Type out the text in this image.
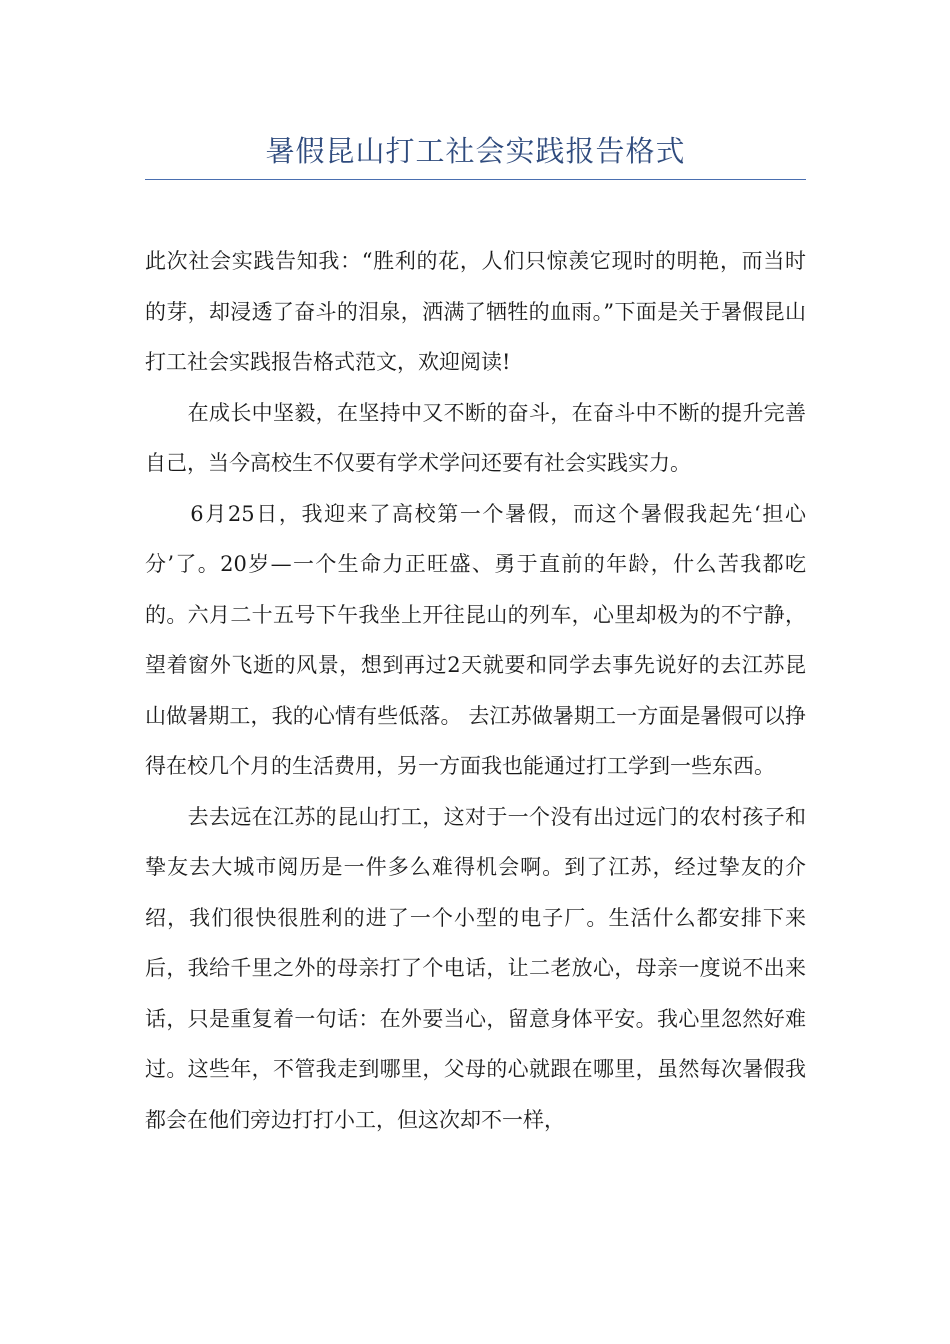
暑假昆山打工社会实践报告格式

此次社会实践告知我：“胜利的花，人们只惊羡它现时的明艳，而当时的芽，却浸透了奋斗的泪泉，洒满了牺牲的血雨。”下面是关于暑假昆山打工社会实践报告格式范文，欢迎阅读!

　　在成长中坚毅，在坚持中又不断的奋斗，在奋斗中不断的提升完善自己，当今高校生不仅要有学术学问还要有社会实践实力。

　　6月25日，我迎来了高校第一个暑假，而这个暑假我起先‘担心分’了。20岁—一个生命力正旺盛、勇于直前的年龄，什么苦我都吃的。六月二十五号下午我坐上开往昆山的列车，心里却极为的不宁静，望着窗外飞逝的风景，想到再过2天就要和同学去事先说好的去江苏昆山做暑期工，我的心情有些低落。 去江苏做暑期工一方面是暑假可以挣得在校几个月的生活费用，另一方面我也能通过打工学到一些东西。

　　去去远在江苏的昆山打工，这对于一个没有出过远门的农村孩子和挚友去大城市阅历是一件多么难得机会啊。到了江苏，经过挚友的介绍，我们很快很胜利的进了一个小型的电子厂。生活什么都安排下来后，我给千里之外的母亲打了个电话，让二老放心，母亲一度说不出来话，只是重复着一句话：在外要当心，留意身体平安。我心里忽然好难过。这些年，不管我走到哪里，父母的心就跟在哪里，虽然每次暑假我都会在他们旁边打打小工，但这次却不一样，
